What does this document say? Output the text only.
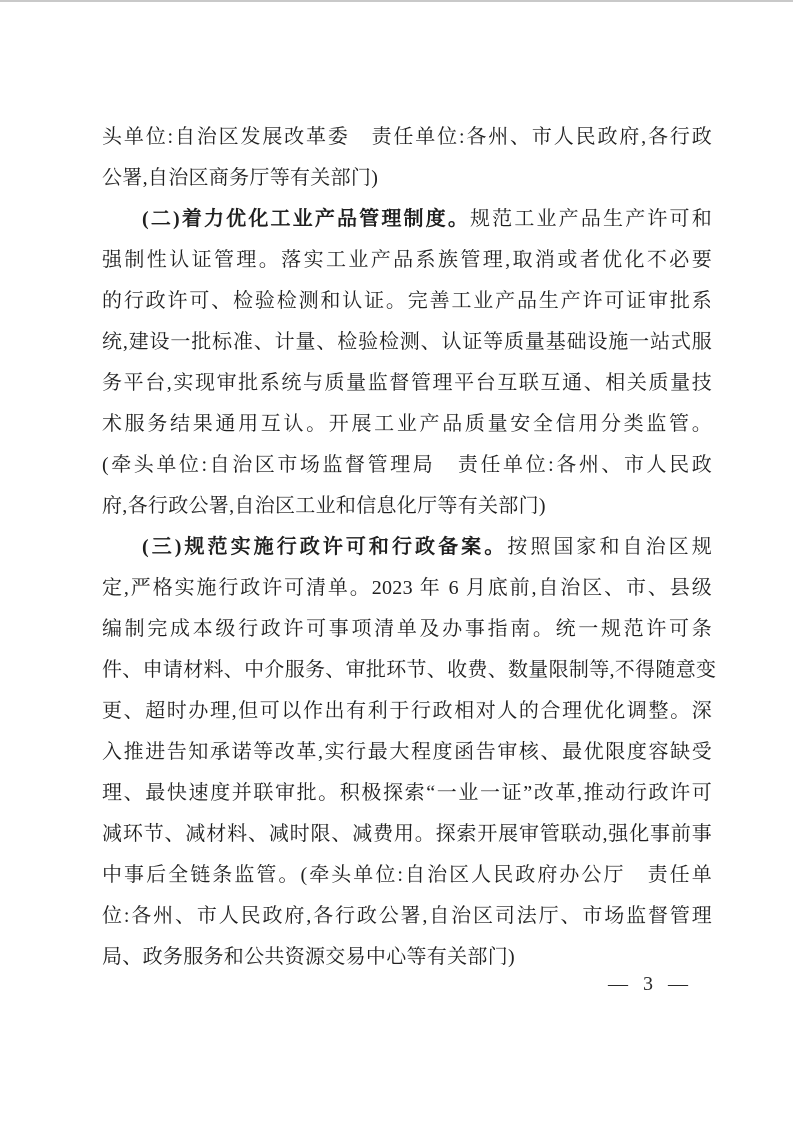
头单位:自治区发展改革委　责任单位:各州、市人民政府,各行政
公署,自治区商务厅等有关部门)
(二)着力优化工业产品管理制度。规范工业产品生产许可和
强制性认证管理。落实工业产品系族管理,取消或者优化不必要
的行政许可、检验检测和认证。完善工业产品生产许可证审批系
统,建设一批标准、计量、检验检测、认证等质量基础设施一站式服
务平台,实现审批系统与质量监督管理平台互联互通、相关质量技
术服务结果通用互认。开展工业产品质量安全信用分类监管。
(牵头单位:自治区市场监督管理局　责任单位:各州、市人民政
府,各行政公署,自治区工业和信息化厅等有关部门)
(三)规范实施行政许可和行政备案。按照国家和自治区规
定,严格实施行政许可清单。2023 年 6 月底前,自治区、市、县级
编制完成本级行政许可事项清单及办事指南。统一规范许可条
件、申请材料、中介服务、审批环节、收费、数量限制等,不得随意变
更、超时办理,但可以作出有利于行政相对人的合理优化调整。深
入推进告知承诺等改革,实行最大程度函告审核、最优限度容缺受
理、最快速度并联审批。积极探索“一业一证”改革,推动行政许可
减环节、减材料、减时限、减费用。探索开展审管联动,强化事前事
中事后全链条监管。(牵头单位:自治区人民政府办公厅　责任单
位:各州、市人民政府,各行政公署,自治区司法厅、市场监督管理
局、政务服务和公共资源交易中心等有关部门)
— 3 —
